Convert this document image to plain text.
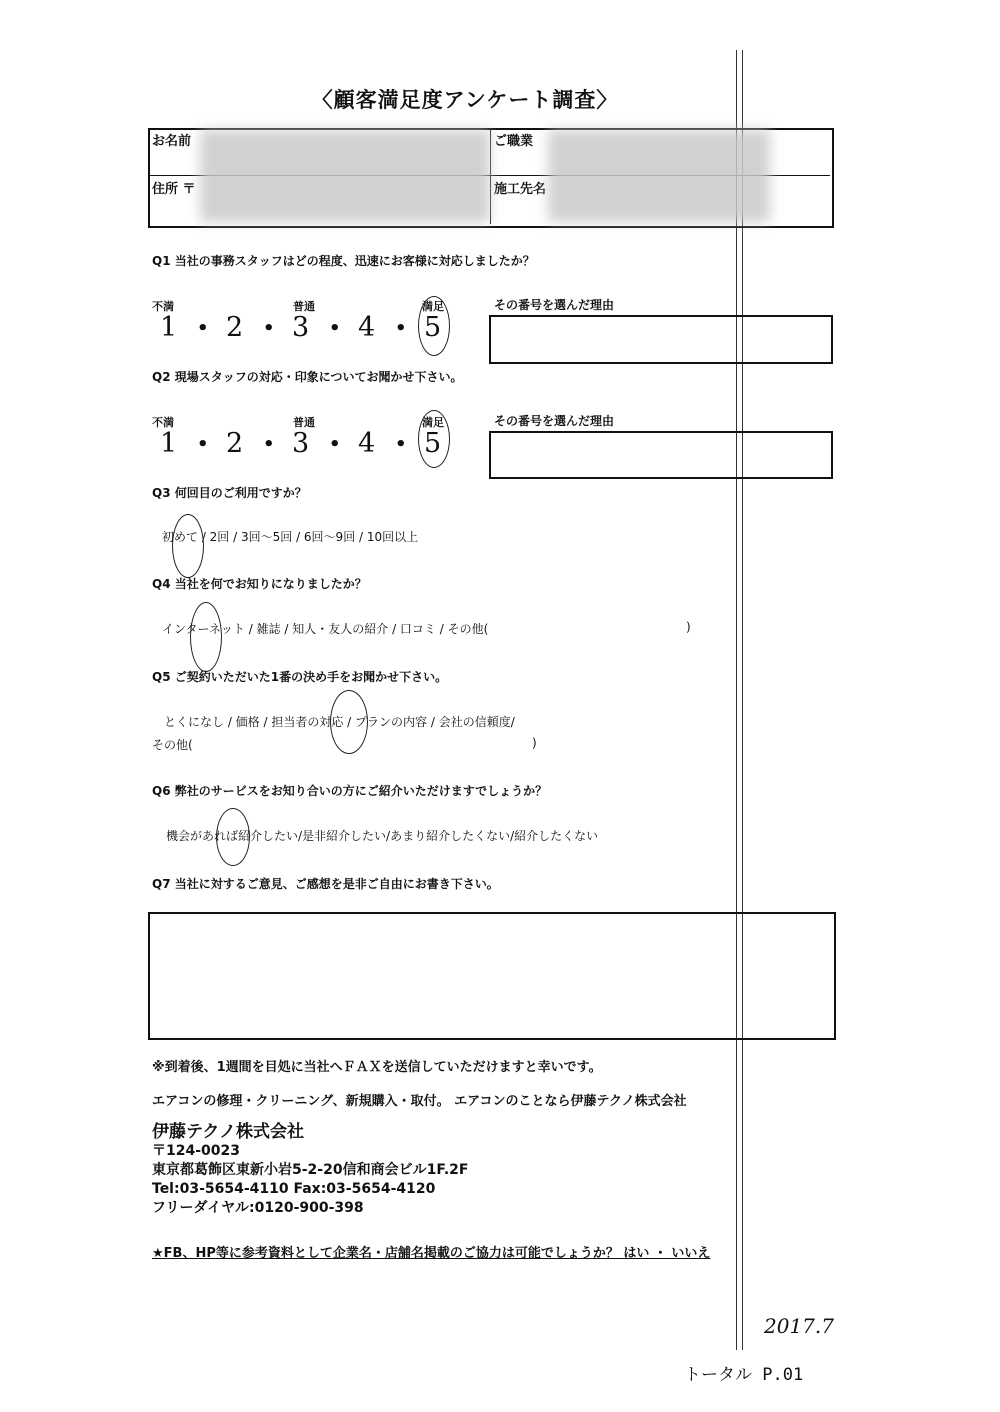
〈顧客満足度アンケート調査〉
お名前	ご職業
住所 〒	施工先名
Q1 当社の事務スタッフはどの程度、迅速にお客様に対応しましたか？
不満	普通	満足
1 • 2 • 3 • 4 • 5
その番号を選んだ理由
Q2 現場スタッフの対応・印象についてお聞かせ下さい。
不満	普通	満足
1 • 2 • 3 • 4 • 5
その番号を選んだ理由
Q3 何回目のご利用ですか？
初めて / 2回 / 3回～5回 / 6回～9回 / 10回以上
Q4 当社を何でお知りになりましたか？
インターネット / 雑誌 / 知人・友人の紹介 / 口コミ / その他(	)
Q5 ご契約いただいた1番の決め手をお聞かせ下さい。
とくになし / 価格 / 担当者の対応 / プランの内容 / 会社の信頼度/
その他(	)
Q6 弊社のサービスをお知り合いの方にご紹介いただけますでしょうか？
機会があれば紹介したい/是非紹介したい/あまり紹介したくない/紹介したくない
Q7 当社に対するご意見、ご感想を是非ご自由にお書き下さい。
※到着後、1週間を目処に当社へＦＡＸを送信していただけますと幸いです。
エアコンの修理・クリーニング、新規購入・取付。 エアコンのことなら伊藤テクノ株式会社
伊藤テクノ株式会社
〒124-0023
東京都葛飾区東新小岩5-2-20信和商会ビル1F.2F
Tel:03-5654-4110 Fax:03-5654-4120
フリーダイヤル:0120-900-398
★FB、HP等に参考資料として企業名・店舗名掲載のご協力は可能でしょうか？ はい ・ いいえ
2017.7
トータル P.01
